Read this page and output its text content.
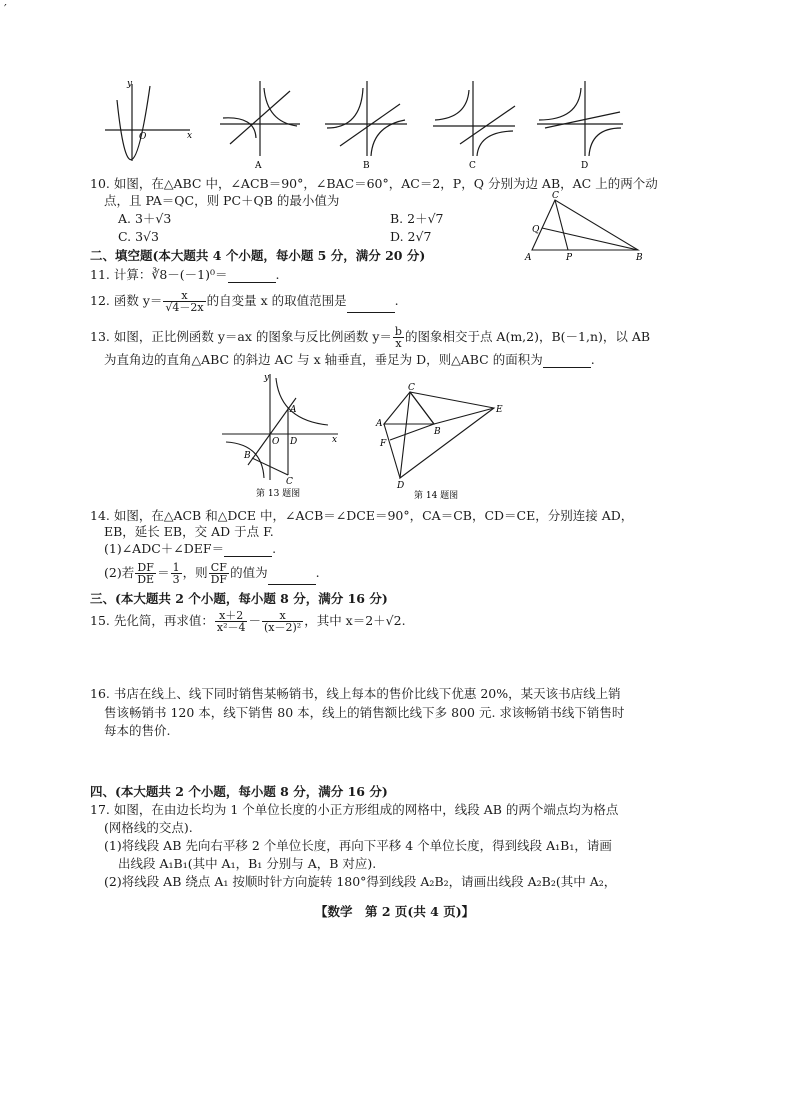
′
O	x
y
A	B	C	D
10. 如图，在△ABC 中，∠ACB＝90°，∠BAC＝60°，AC＝2，P，Q 分别为边 AB，AC 上的两个动
点，且 PA＝QC，则 PC＋QB 的最小值为
A. 3＋√3	B. 2＋√7
C. 3√3	D. 2√7
C
Q
A	P	B
二、填空题(本大题共 4 个小题，每小题 5 分，满分 20 分)
11. 计算：∛8－(－1)⁰＝	.
12. 函数 $y= \frac{x}{√4-2x}$ 的自变量 x 的取值范围是	.
13. 如图，正比例函数 y＝ax 的图象与反比例函数 $y= \frac{b}{x}$ 的图象相交于点 A(m,2)，B(－1,n)，以 AB
为直角边的直角△ABC 的斜边 AC 与 x 轴垂直，垂足为 D，则△ABC 的面积为	.
y
A
O D	x
B
C
第 13 题图
C
E
A
B
F
D
第 14 题图
14. 如图，在△ACB 和△DCE 中，∠ACB＝∠DCE＝90°，CA＝CB，CD＝CE，分别连接 AD，
EB，延长 EB，交 AD 于点 F.
(1)∠ADC＋∠DEF＝	.
(2)若 $\frac{DF}{DE} = \frac{1}{3}$ ，则 $\frac{CF}{DF}$ 的值为	.
三、(本大题共 2 个小题，每小题 8 分，满分 16 分)
15. 先化简，再求值： $\frac{x+2}{\text{x²－4}} - \frac{x}{\text{(x－2)²}}$ ，其中 x＝2＋√2.
16. 书店在线上、线下同时销售某畅销书，线上每本的售价比线下优惠 20%，某天该书店线上销
售该畅销书 120 本，线下销售 80 本，线上的销售额比线下多 800 元. 求该畅销书线下销售时
每本的售价.
四、(本大题共 2 个小题，每小题 8 分，满分 16 分)
17. 如图，在由边长均为 1 个单位长度的小正方形组成的网格中，线段 AB 的两个端点均为格点
(网格线的交点).
(1)将线段 AB 先向右平移 2 个单位长度，再向下平移 4 个单位长度，得到线段 A₁B₁，请画
出线段 A₁B₁(其中 A₁，B₁ 分别与 A，B 对应).
(2)将线段 AB 绕点 A₁ 按顺时针方向旋转 180°得到线段 A₂B₂，请画出线段 A₂B₂(其中 A₂，
【数学　第 2 页(共 4 页)】
